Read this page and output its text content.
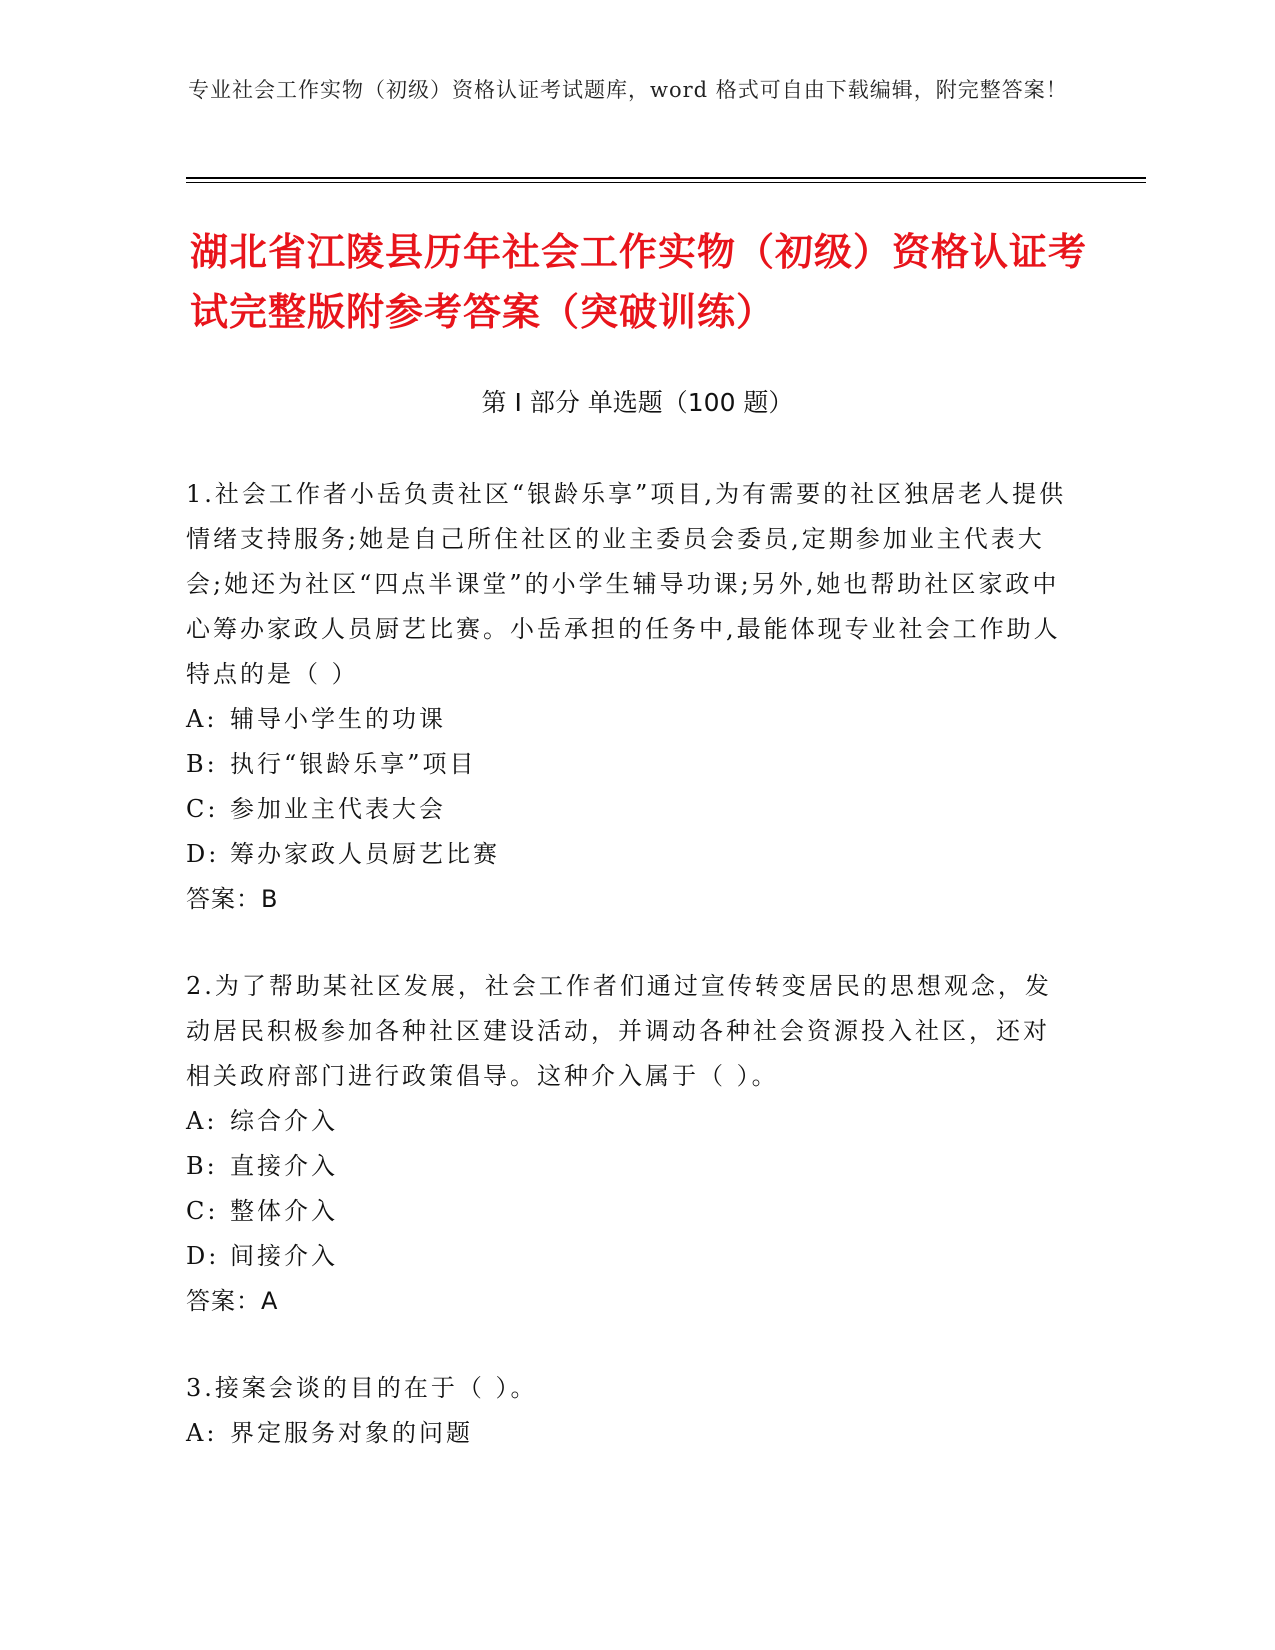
专业社会工作实物（初级）资格认证考试题库，word 格式可自由下载编辑，附完整答案！
湖北省江陵县历年社会工作实物（初级）资格认证考试完整版附参考答案（突破训练）
第 I 部分 单选题（100 题）
1.社会工作者小岳负责社区“银龄乐享”项目,为有需要的社区独居老人提供情绪支持服务;她是自己所住社区的业主委员会委员,定期参加业主代表大会;她还为社区“四点半课堂”的小学生辅导功课;另外,她也帮助社区家政中心筹办家政人员厨艺比赛。小岳承担的任务中,最能体现专业社会工作助人特点的是（ ）
A: 辅导小学生的功课
B: 执行“银龄乐享”项目
C: 参加业主代表大会
D: 筹办家政人员厨艺比赛
答案：B
2.为了帮助某社区发展，社会工作者们通过宣传转变居民的思想观念，发动居民积极参加各种社区建设活动，并调动各种社会资源投入社区，还对相关政府部门进行政策倡导。这种介入属于（ ）。
A: 综合介入
B: 直接介入
C: 整体介入
D: 间接介入
答案：A
3.接案会谈的目的在于（ ）。
A: 界定服务对象的问题
